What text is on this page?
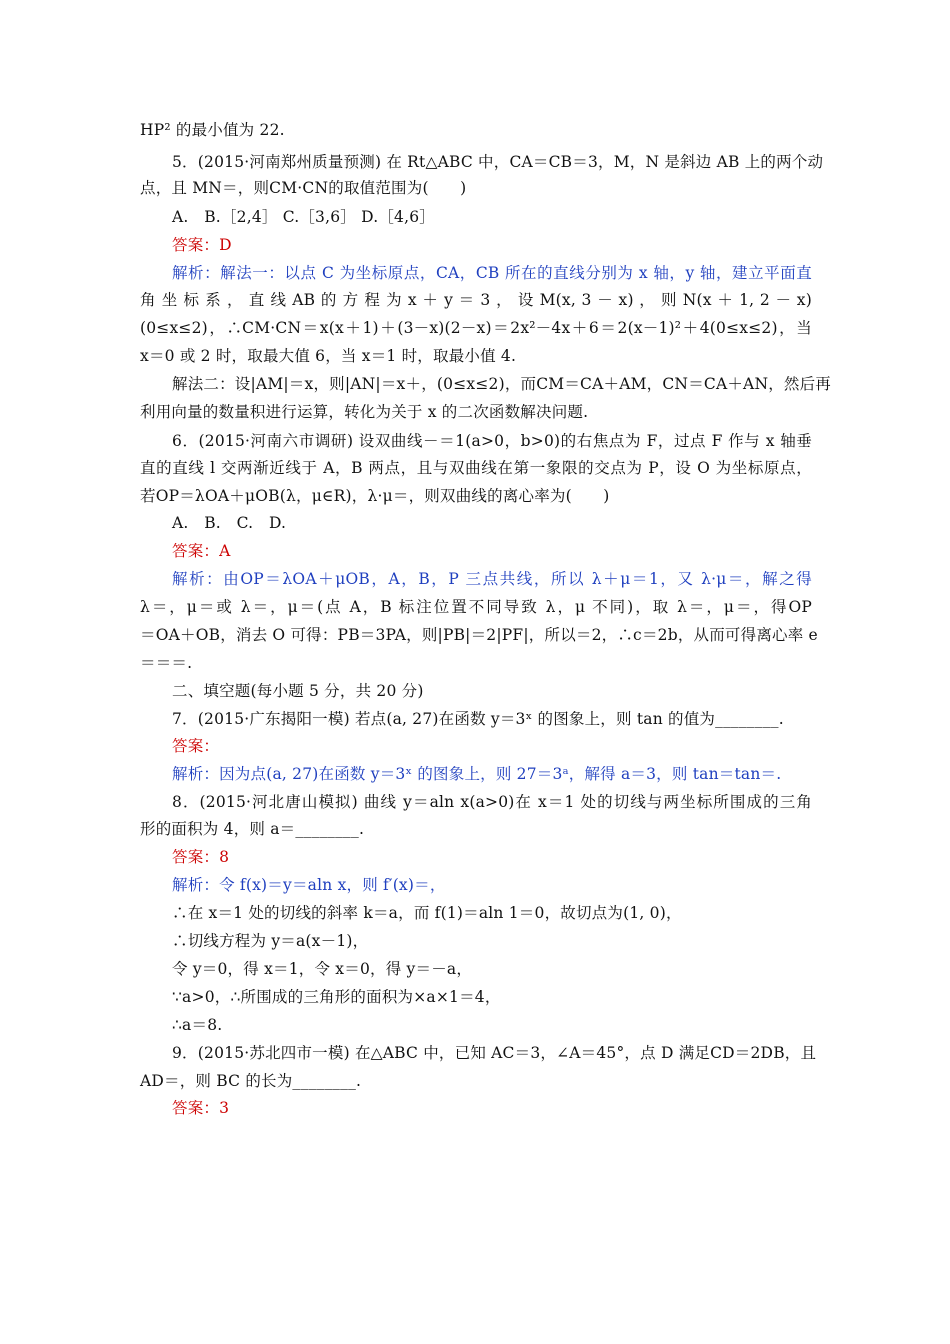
HP² 的最小值为 22.
5．(2015·河南郑州质量预测) 在 Rt△ABC 中，CA＝CB＝3，M，N 是斜边 AB 上的两个动
点，且 MN＝，则CM·CN的取值范围为(　　)
A.　B.［2,4］ C.［3,6］ D.［4,6］
答案：D
解析：解法一：以点 C 为坐标原点，CA，CB 所在的直线分别为 x 轴，y 轴，建立平面直
角 坐 标 系 ， 直 线 AB 的 方 程 为 x ＋ y ＝ 3 ， 设 M(x, 3 － x) ， 则 N(x ＋ 1, 2 － x)
(0≤x≤2)，∴CM·CN＝x(x＋1)＋(3－x)(2－x)＝2x²－4x＋6＝2(x－1)²＋4(0≤x≤2)，当
x＝0 或 2 时，取最大值 6，当 x＝1 时，取最小值 4.
解法二：设|AM|＝x，则|AN|＝x＋，(0≤x≤2)，而CM＝CA＋AM，CN＝CA＋AN，然后再
利用向量的数量积进行运算，转化为关于 x 的二次函数解决问题.
6．(2015·河南六市调研) 设双曲线－＝1(a>0，b>0)的右焦点为 F，过点 F 作与 x 轴垂
直的直线 l 交两渐近线于 A，B 两点，且与双曲线在第一象限的交点为 P，设 O 为坐标原点，
若OP＝λOA＋μOB(λ，μ∈R)，λ·μ＝，则双曲线的离心率为(　　)
A.　B.　C.　D.
答案：A
解析：由OP＝λOA＋μOB，A，B，P 三点共线，所以 λ＋μ＝1，又 λ·μ＝，解之得
λ＝，μ＝或 λ＝，μ＝(点 A，B 标注位置不同导致 λ，μ 不同)，取 λ＝，μ＝，得OP
＝OA＋OB，消去 O 可得：PB＝3PA，则|PB|＝2|PF|，所以＝2，∴c＝2b，从而可得离心率 e
＝＝＝.
二、填空题(每小题 5 分，共 20 分)
7．(2015·广东揭阳一模) 若点(a, 27)在函数 y＝3ˣ 的图象上，则 tan 的值为________.
答案：
解析：因为点(a, 27)在函数 y＝3ˣ 的图象上，则 27＝3ᵃ，解得 a＝3，则 tan＝tan＝.
8．(2015·河北唐山模拟) 曲线 y＝aln x(a>0)在 x＝1 处的切线与两坐标所围成的三角
形的面积为 4，则 a＝________.
答案：8
解析：令 f(x)＝y＝aln x，则 f′(x)＝，
∴在 x＝1 处的切线的斜率 k＝a，而 f(1)＝aln 1＝0，故切点为(1, 0)，
∴切线方程为 y＝a(x－1)，
令 y＝0，得 x＝1，令 x＝0，得 y＝－a，
∵a>0，∴所围成的三角形的面积为×a×1＝4，
∴a＝8.
9．(2015·苏北四市一模) 在△ABC 中，已知 AC＝3，∠A＝45°，点 D 满足CD＝2DB，且
AD＝，则 BC 的长为________.
答案：3
